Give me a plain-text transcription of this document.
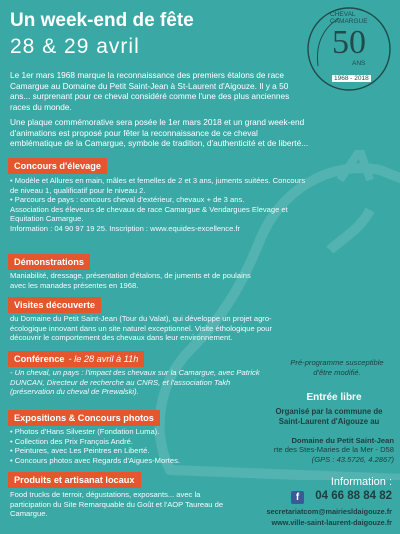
Un week-end de fête
28 & 29 avril
CHEVAL CAMARGUE
50
ANS
1968 - 2018

Le 1er mars 1968 marque la reconnaissance des premiers étalons de race Camargue au Domaine du Petit Saint-Jean à St-Laurent d'Aigouze. Il y a 50 ans... surprenant pour ce cheval considéré comme l'une des plus anciennes races du monde.

Une plaque commémorative sera posée le 1er mars 2018 et un grand week-end d'animations est proposé pour fêter la reconnaissance de ce cheval emblématique de la Camargue, symbole de tradition, d'authenticité et de liberté...

Concours d'élevage

• Modèle et Allures en main, mâles et femelles de 2 et 3 ans, juments suitées. Concours de niveau 1, qualificatif pour le niveau 2.

• Parcours de pays : concours cheval d'extérieur, chevaux + de 3 ans.

Association des éleveurs de chevaux de race Camargue & Vendargues Elevage et Equitation Camargue.

Information : 04 90 97 19 25. Inscription : www.equides-excellence.fr

Démonstrations
Maniabilité, dressage, présentation d'étalons, de juments et de poulains avec les manades présentes en 1968.
Visites découverte
du Domaine du Petit Saint-Jean (Tour du Valat), qui développe un projet agro-écologique innovant dans un site naturel exceptionnel. Visite éthologique pour découvrir le comportement des chevaux dans leur environnement.
Conférence - le 28 avril à 11h
- Un cheval, un pays : l'impact des chevaux sur la Camargue, avec Patrick DUNCAN, Directeur de recherche au CNRS, et l'association Takh (préservation du cheval de Prewalski).
Expositions & Concours photos
• Photos d'Hans Silvester (Fondation Luma).
• Collection des Prix François André.
• Peintures, avec Les Peintres en Liberté.
• Concours photos avec Regards d'Aigues-Mortes.
Produits et artisanat locaux
Food trucks de terroir, dégustations, exposants... avec la participation du Site Remarquable du Goût et l'AOP Taureau de Camargue.
Pré-programme susceptible d'être modifié.
Entrée libre
Organisé par la commune de Saint-Laurent d'Aigouze au
Domaine du Petit Saint-Jean
rte des Stes-Maries de la Mer - D58
(GPS : 43.5726, 4.2867)
Information :
f	04 66 88 84 82
secretariatcom@mairiesldaigouze.fr
www.ville-saint-laurent-daigouze.fr
